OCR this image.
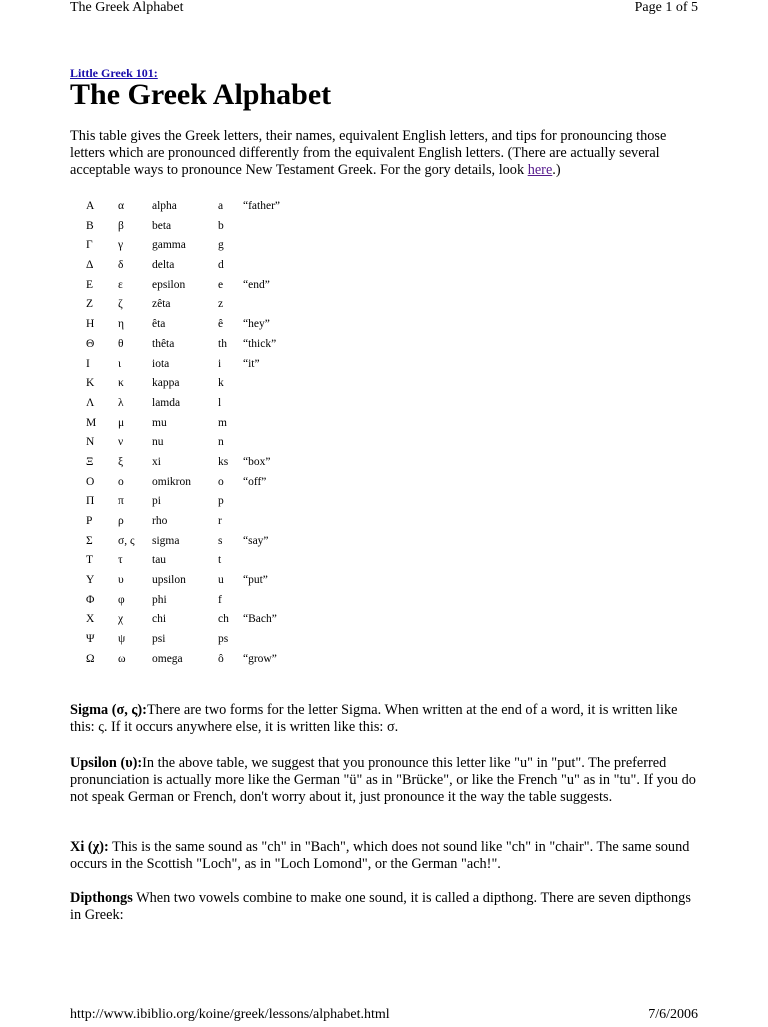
The Greek Alphabet	Page 1 of 5
Little Greek 101:
The Greek Alphabet

This table gives the Greek letters, their names, equivalent English letters, and tips for pronouncing those letters which are pronounced differently from the equivalent English letters. (There are actually several acceptable ways to pronounce New Testament Greek. For the gory details, look here.)

Α α alpha	a “father”
Β β beta	b
Γ γ	gamma	g
Δ δ delta	d
Ε ε	epsilon	e “end”
Ζ ζ	zêta	z
Η η êta	ê “hey”
Θ θ thêta	th “thick”
Ι ι	iota	i “it”
Κ κ kappa	k
Λ λ lamda	l
Μ μ mu	m
Ν ν	nu	n
Ξ ξ	xi	ks “box”
Ο ο omikron o “off”
Π π pi	p
Ρ ρ rho	r
Σ σ, ς sigma	s “say”
Τ τ	tau	t
Υ υ upsilon	u “put”
Φ φ phi	f
Χ χ	chi	ch “Bach”
Ψ ψ psi	ps
Ω ω omega	ô “grow”

Sigma (σ, ς):There are two forms for the letter Sigma. When written at the end of a word, it is written like this: ς. If it occurs anywhere else, it is written like this: σ.

Upsilon (υ):In the above table, we suggest that you pronounce this letter like "u" in "put". The preferred pronunciation is actually more like the German "ü" as in "Brücke", or like the French "u" as in "tu". If you do not speak German or French, don't worry about it, just pronounce it the way the table suggests.

Xi (χ): This is the same sound as "ch" in "Bach", which does not sound like "ch" in "chair". The same sound occurs in the Scottish "Loch", as in "Loch Lomond", or the German "ach!".

Dipthongs When two vowels combine to make one sound, it is called a dipthong. There are seven dipthongs in Greek:

http://www.ibiblio.org/koine/greek/lessons/alphabet.html	7/6/2006
